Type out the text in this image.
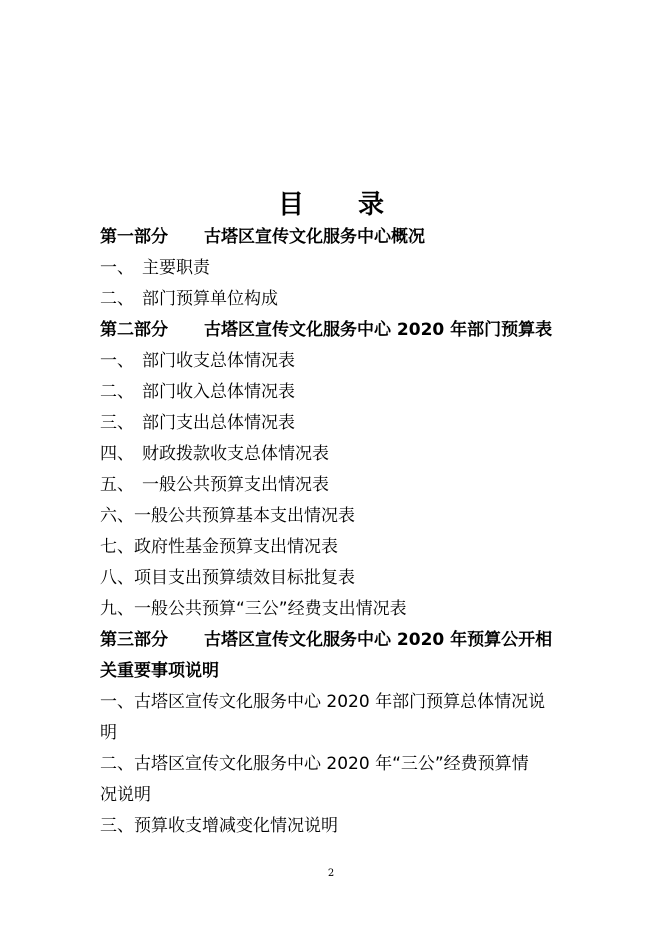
目 录
第一部分 古塔区宣传文化服务中心概况
一、 主要职责
二、 部门预算单位构成
第二部分 古塔区宣传文化服务中心 2020 年部门预算表
一、 部门收支总体情况表
二、 部门收入总体情况表
三、 部门支出总体情况表
四、 财政拨款收支总体情况表
五、 一般公共预算支出情况表
六、一般公共预算基本支出情况表
七、政府性基金预算支出情况表
八、项目支出预算绩效目标批复表
九、一般公共预算“三公”经费支出情况表
第三部分 古塔区宣传文化服务中心 2020 年预算公开相
关重要事项说明
一、古塔区宣传文化服务中心 2020 年部门预算总体情况说
明
二、古塔区宣传文化服务中心 2020 年“三公”经费预算情
况说明
三、预算收支增减变化情况说明
2
